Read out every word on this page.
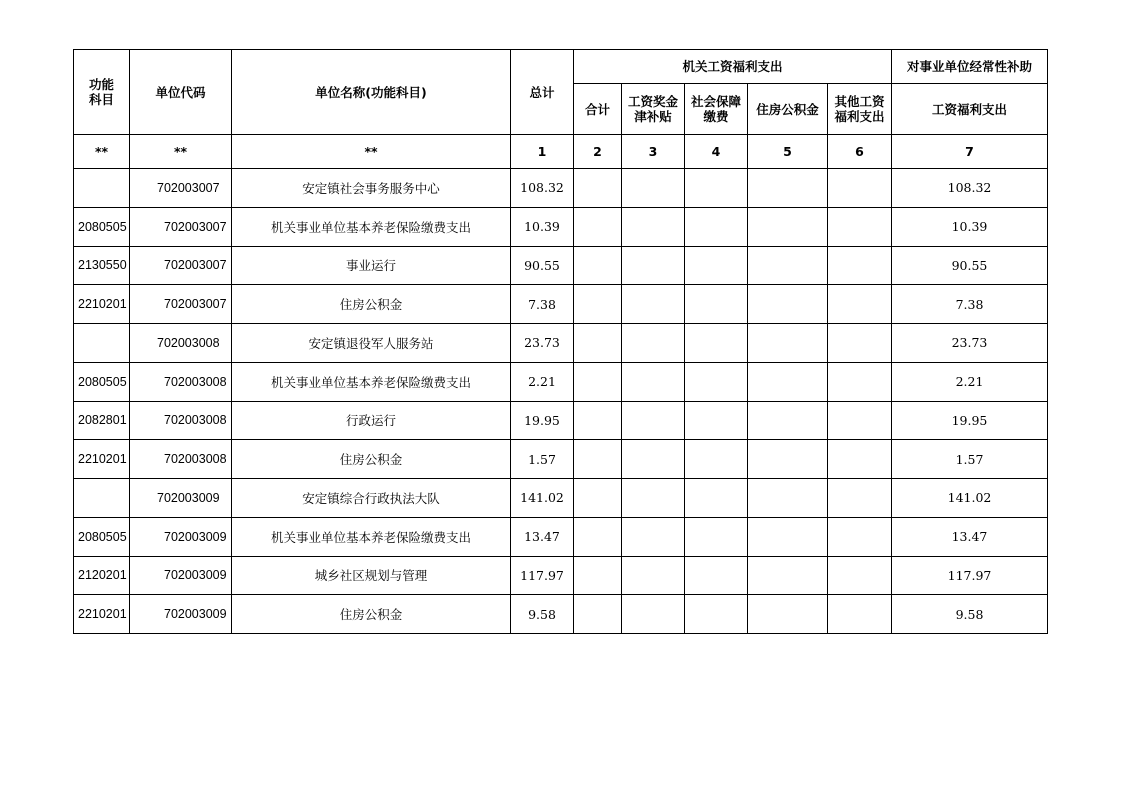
功能科目	单位代码	单位名称(功能科目)	总计	机关工资福利支出					对事业单位经常性补助
				合计	工资奖金津补贴	社会保障缴费	住房公积金	其他工资福利支出	工资福利支出
**	**	**	1	2	3	4	5	6	7
	702003007	安定镇社会事务服务中心	108.32						108.32
2080505	702003007	机关事业单位基本养老保险缴费支出	10.39						10.39
2130550	702003007	事业运行	90.55						90.55
2210201	702003007	住房公积金	7.38						7.38
	702003008	安定镇退役军人服务站	23.73						23.73
2080505	702003008	机关事业单位基本养老保险缴费支出	2.21						2.21
2082801	702003008	行政运行	19.95						19.95
2210201	702003008	住房公积金	1.57						1.57
	702003009	安定镇综合行政执法大队	141.02						141.02
2080505	702003009	机关事业单位基本养老保险缴费支出	13.47						13.47
2120201	702003009	城乡社区规划与管理	117.97						117.97
2210201	702003009	住房公积金	9.58						9.58
